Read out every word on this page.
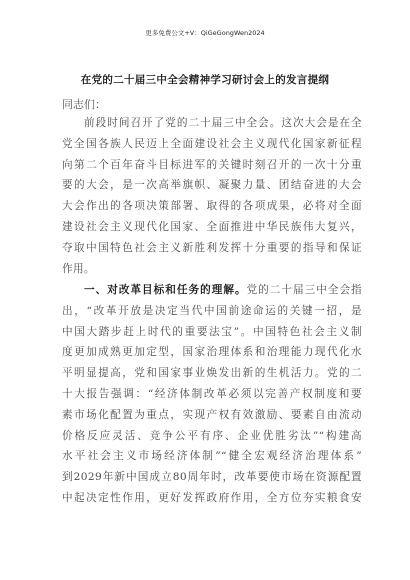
更多免费公文+V：QiGeGongWen2024
在党的二十届三中全会精神学习研讨会上的发言提纲
同志们：
前段时间召开了党的二十届三中全会。这次大会是在全
党全国各族人民迈上全面建设社会主义现代化国家新征程
向第二个百年奋斗目标进军的关键时刻召开的一次十分重
要的大会，是一次高举旗帜、凝聚力量、团结奋进的大会
大会作出的各项决策部署、取得的各项成果，必将对全面
建设社会主义现代化国家、全面推进中华民族伟大复兴，
夺取中国特色社会主义新胜利发挥十分重要的指导和保证
作用。
一、对改革目标和任务的理解。党的二十届三中全会指
出，“改革开放是决定当代中国前途命运的关键一招，是
中国大踏步赶上时代的重要法宝”。中国特色社会主义制
度更加成熟更加定型，国家治理体系和治理能力现代化水
平明显提高，党和国家事业焕发出新的生机活力。党的二
十大报告强调：“经济体制改革必须以完善产权制度和要
素市场化配置为重点，实现产权有效激励、要素自由流动
价格反应灵活、竞争公平有序、企业优胜劣汰”“构建高
水平社会主义市场经济体制”“健全宏观经济治理体系”
到2029年新中国成立80周年时，改革要使市场在资源配置
中起决定性作用，更好发挥政府作用，全方位夯实粮食安
